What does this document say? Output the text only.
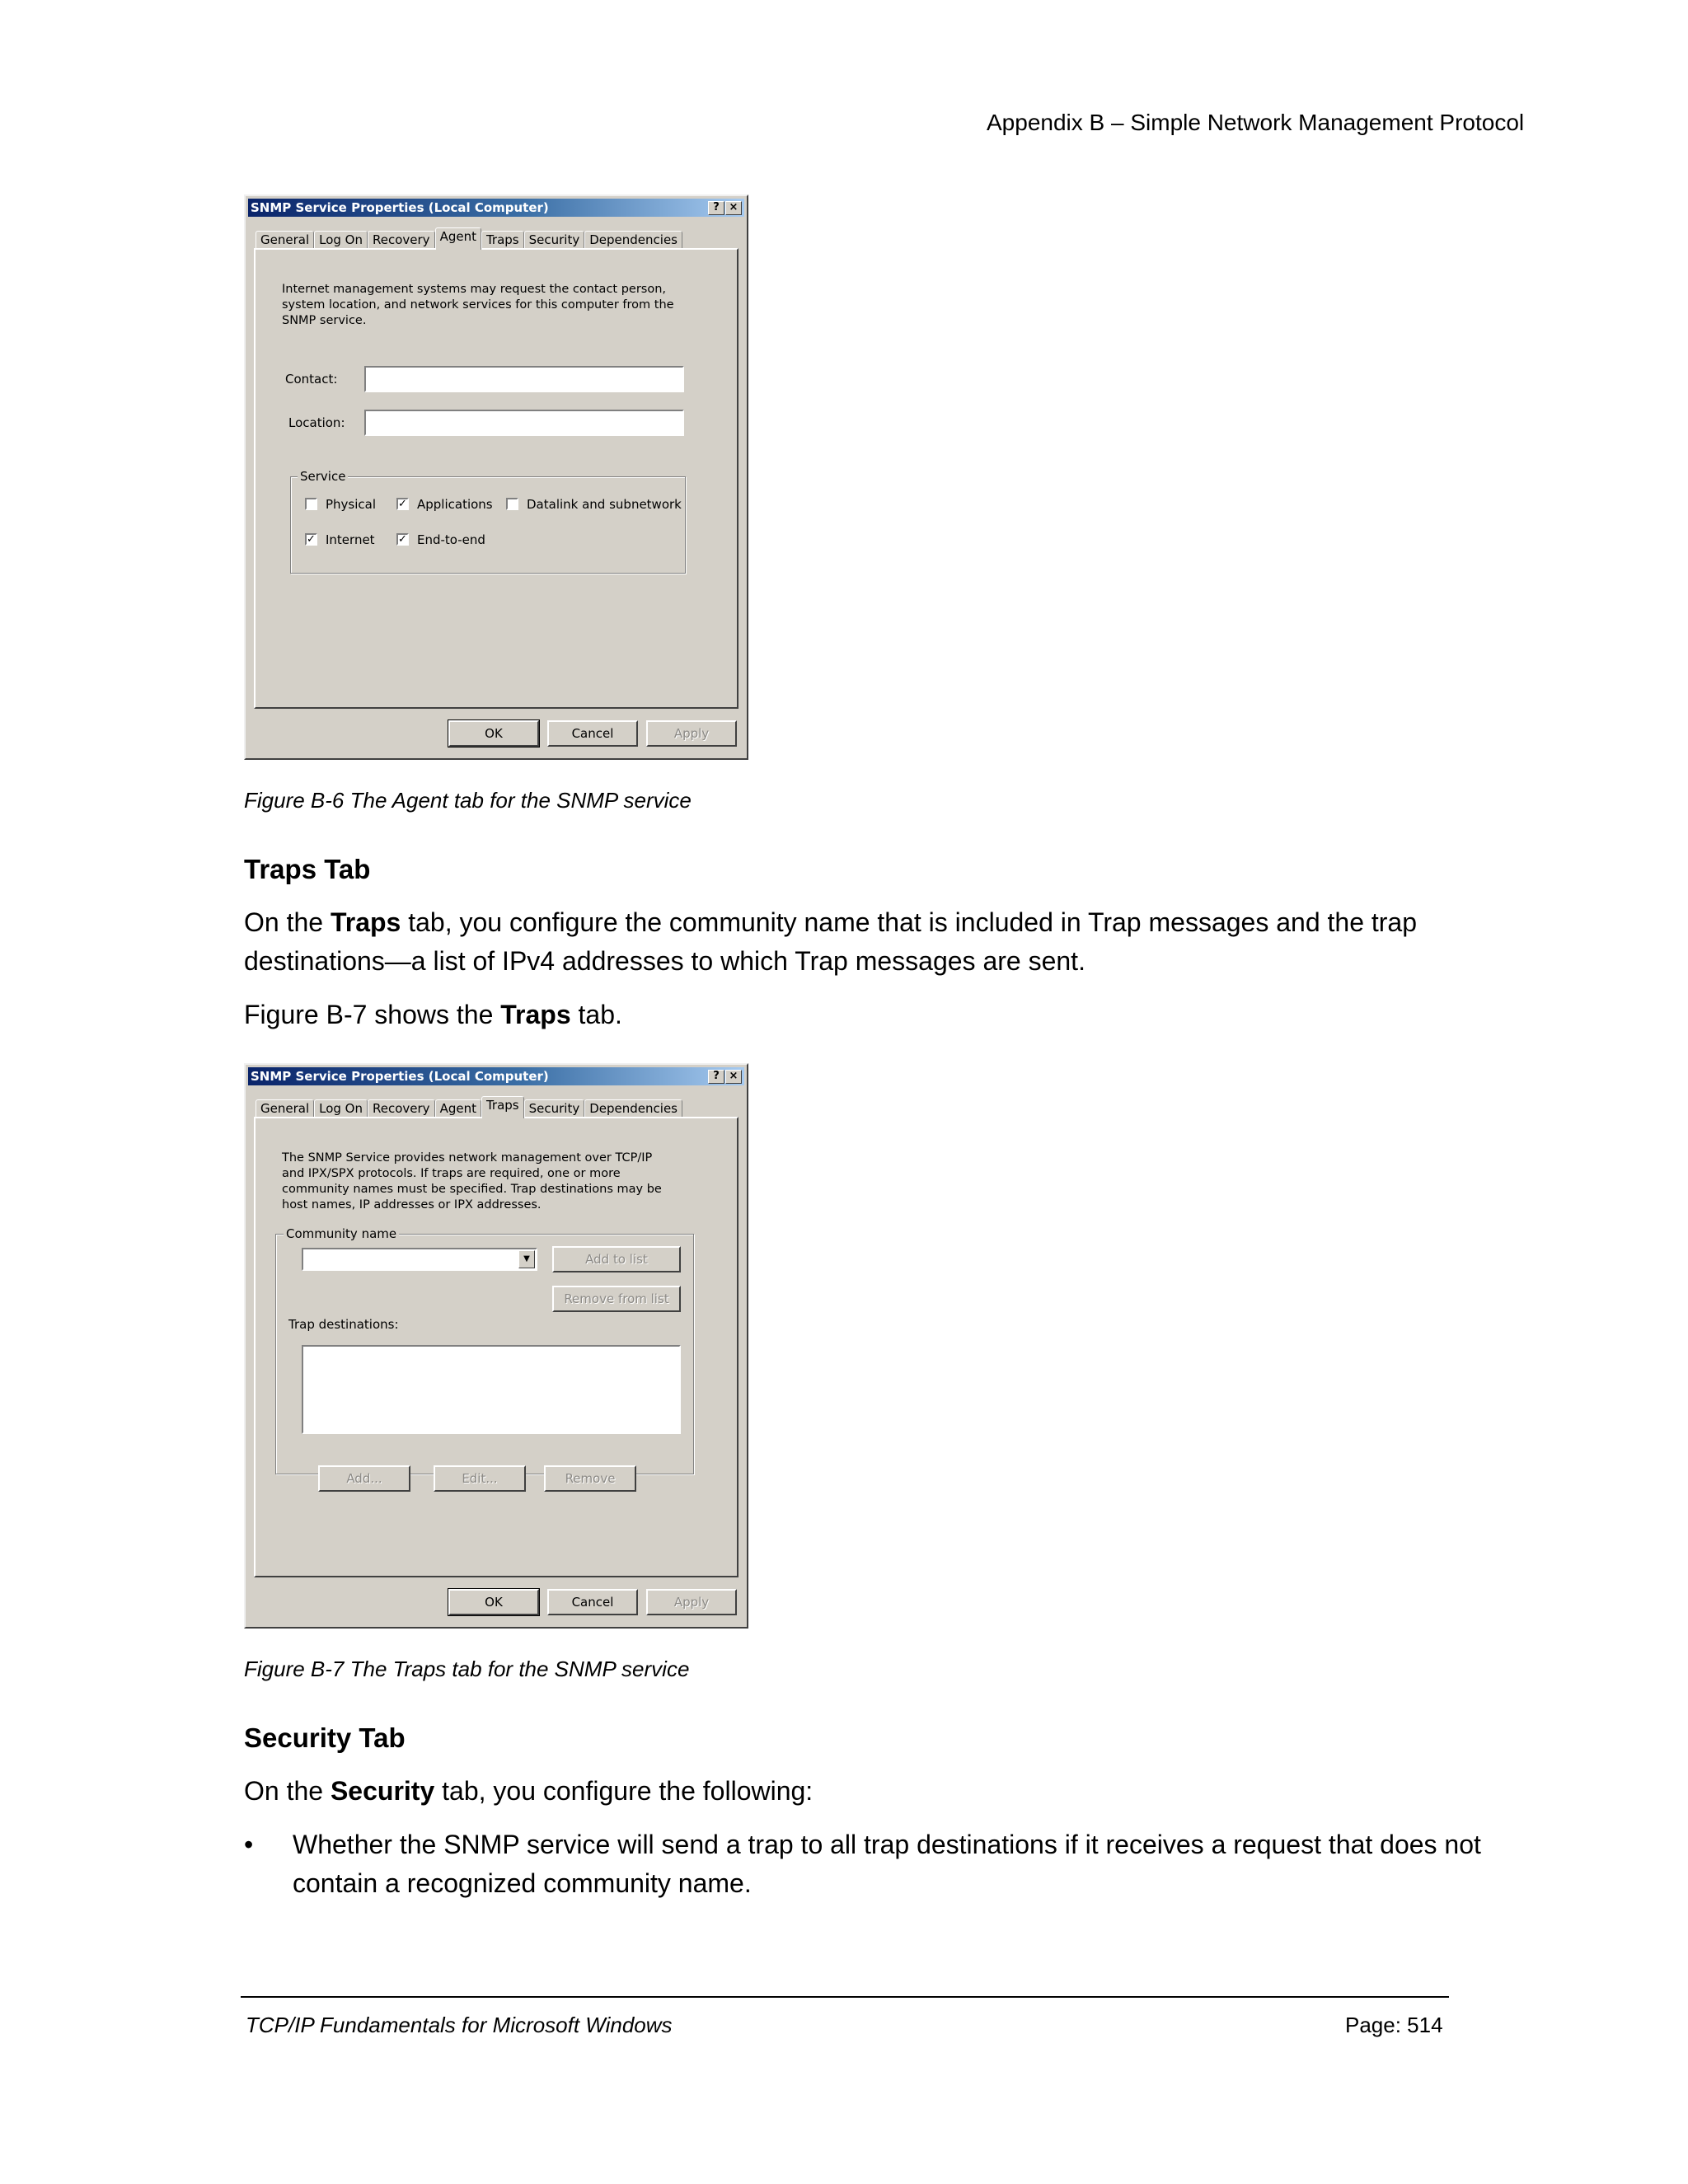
Appendix B – Simple Network Management Protocol
SNMP Service Properties (Local Computer)	? ×
General Log On Recovery Agent Traps Security Dependencies
Internet management systems may request the contact person,
system location, and network services for this computer from the
SNMP service.
Contact:
Location:
Service
Physical ✓ Applications	Datalink and subnetwork
✓ Internet ✓ End-to-end
OK	Cancel	Apply
Figure B-6 The Agent tab for the SNMP service
Traps Tab
On the Traps tab, you configure the community name that is included in Trap messages and the trap
destinations—a list of IPv4 addresses to which Trap messages are sent.
Figure B-7 shows the Traps tab.
SNMP Service Properties (Local Computer)	? ×
General Log On Recovery Agent Traps Security Dependencies
The SNMP Service provides network management over TCP/IP
and IPX/SPX protocols. If traps are required, one or more
community names must be specified. Trap destinations may be
host names, IP addresses or IPX addresses.
Community name
▼	Add to list
Remove from list
Trap destinations:
Add...	Edit...	Remove
OK	Cancel	Apply
Figure B-7 The Traps tab for the SNMP service
Security Tab
On the Security tab, you configure the following:
• Whether the SNMP service will send a trap to all trap destinations if it receives a request that does not
contain a recognized community name.
TCP/IP Fundamentals for Microsoft Windows	Page: 514
